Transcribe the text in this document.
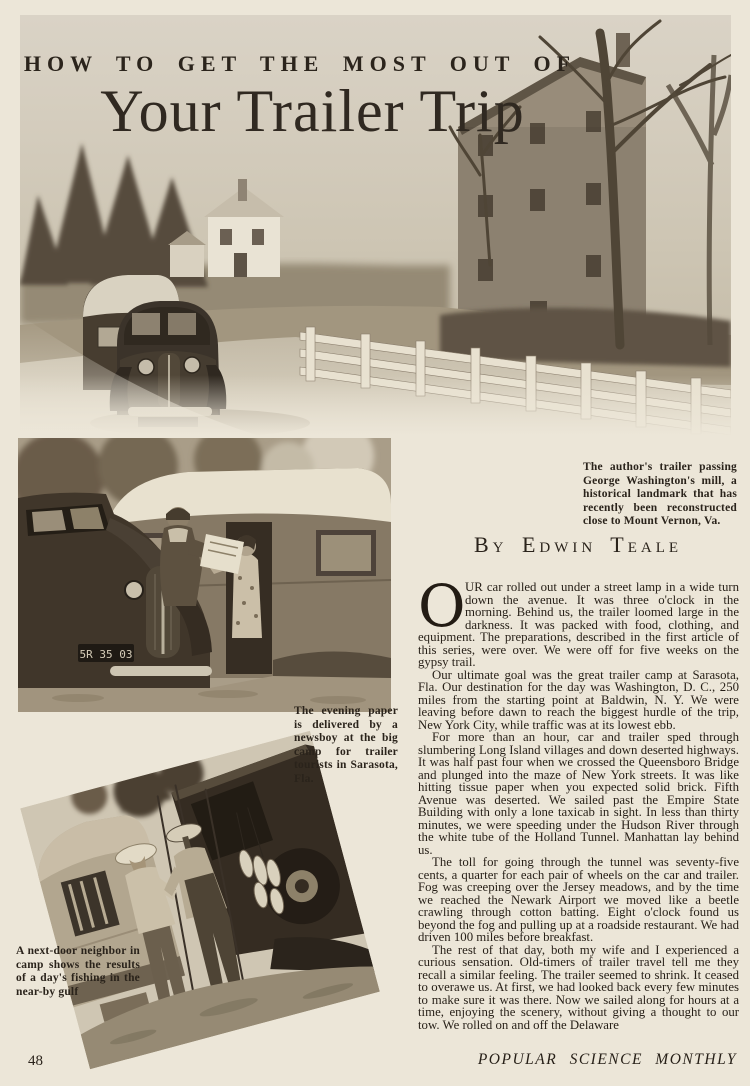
HOW TO GET THE MOST OUT OF
Your Trailer Trip
5R 35 03
The author's trailer passing George Washington's mill, a historical landmark that has recently been reconstructed close to Mount Vernon, Va.
The evening paper is delivered by a newsboy at the big camp for trailer tourists in Sarasota, Fla.
A next-door neighbor in camp shows the results of a day's fishing in the near-by gulf
By Edwin Teale

OUR car rolled out under a street lamp in a wide turn down the avenue. It was three o'clock in the morning. Behind us, the trailer loomed large in the darkness. It was packed with food, clothing, and equipment. The preparations, described in the first article of this series, were over. We were off for five weeks on the gypsy trail.

Our ultimate goal was the great trailer camp at Sarasota, Fla. Our destination for the day was Washington, D. C., 250 miles from the starting point at Baldwin, N. Y. We were leaving before dawn to reach the biggest hurdle of the trip, New York City, while traffic was at its lowest ebb.

For more than an hour, car and trailer sped through slumbering Long Island villages and down deserted highways. It was half past four when we crossed the Queensboro Bridge and plunged into the maze of New York streets. It was like hitting tissue paper when you expected solid brick. Fifth Avenue was deserted. We sailed past the Empire State Building with only a lone taxicab in sight. In less than thirty minutes, we were speeding under the Hudson River through the white tube of the Holland Tunnel. Manhattan lay behind us.

The toll for going through the tunnel was seventy-five cents, a quarter for each pair of wheels on the car and trailer. Fog was creeping over the Jersey meadows, and by the time we reached the Newark Airport we moved like a beetle crawling through cotton batting. Eight o'clock found us beyond the fog and pulling up at a roadside restaurant. We had driven 100 miles before breakfast.

The rest of that day, both my wife and I experienced a curious sensation. Old-timers of trailer travel tell me they recall a similar feeling. The trailer seemed to shrink. It ceased to overawe us. At first, we had looked back every few minutes to make sure it was there. Now we sailed along for hours at a time, enjoying the scenery, without giving a thought to our tow. We rolled on and off the Delaware

48	POPULAR SCIENCE MONTHLY
